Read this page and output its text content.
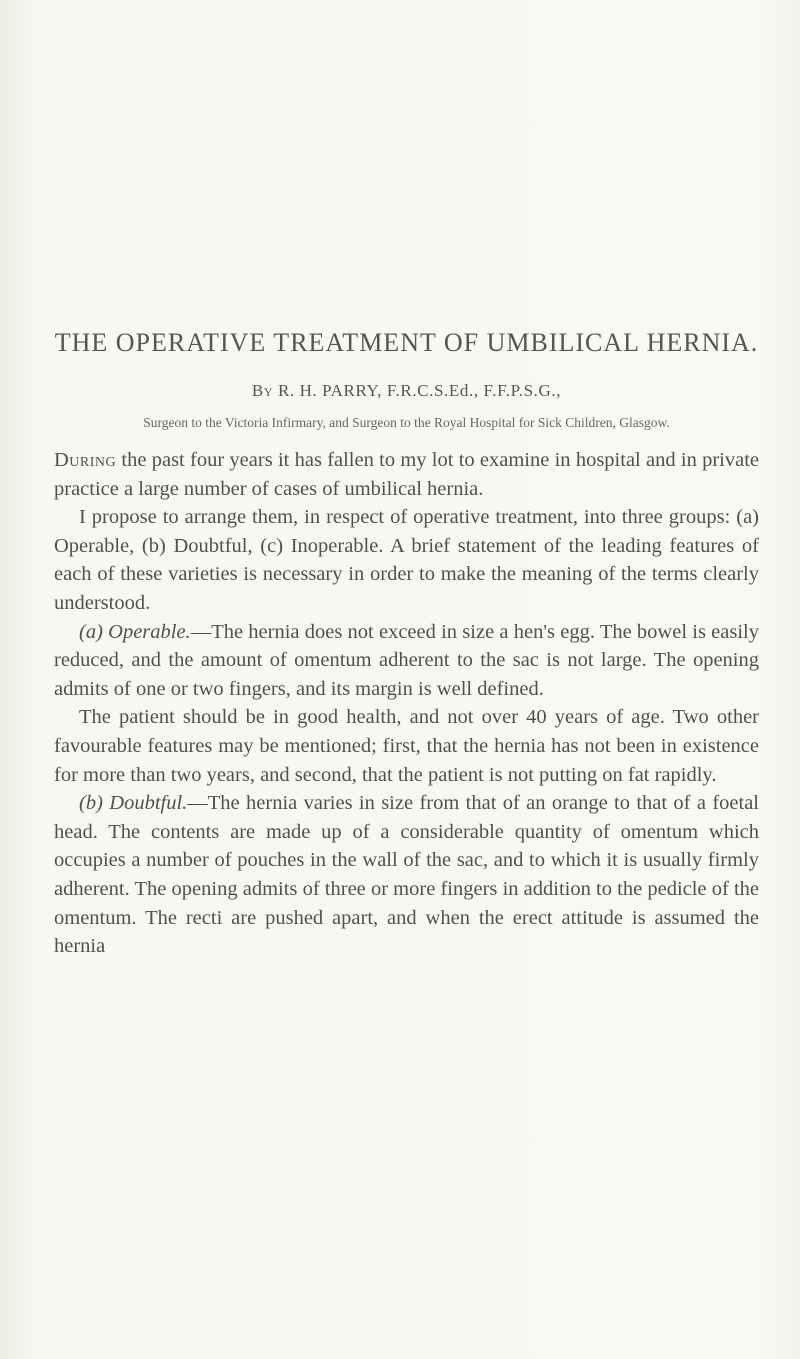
THE OPERATIVE TREATMENT OF UMBILICAL HERNIA.
By R. H. PARRY, F.R.C.S.Ed., F.F.P.S.G.,
Surgeon to the Victoria Infirmary, and Surgeon to the Royal Hospital for Sick Children, Glasgow.

During the past four years it has fallen to my lot to examine in hospital and in private practice a large number of cases of umbilical hernia.

I propose to arrange them, in respect of operative treatment, into three groups: (a) Operable, (b) Doubtful, (c) Inoperable. A brief statement of the leading features of each of these varieties is necessary in order to make the meaning of the terms clearly understood.

(a) Operable.—The hernia does not exceed in size a hen's egg. The bowel is easily reduced, and the amount of omentum adherent to the sac is not large. The opening admits of one or two fingers, and its margin is well defined.

The patient should be in good health, and not over 40 years of age. Two other favourable features may be mentioned; first, that the hernia has not been in existence for more than two years, and second, that the patient is not putting on fat rapidly.

(b) Doubtful.—The hernia varies in size from that of an orange to that of a foetal head. The contents are made up of a considerable quantity of omentum which occupies a number of pouches in the wall of the sac, and to which it is usually firmly adherent. The opening admits of three or more fingers in addition to the pedicle of the omentum. The recti are pushed apart, and when the erect attitude is assumed the hernia
